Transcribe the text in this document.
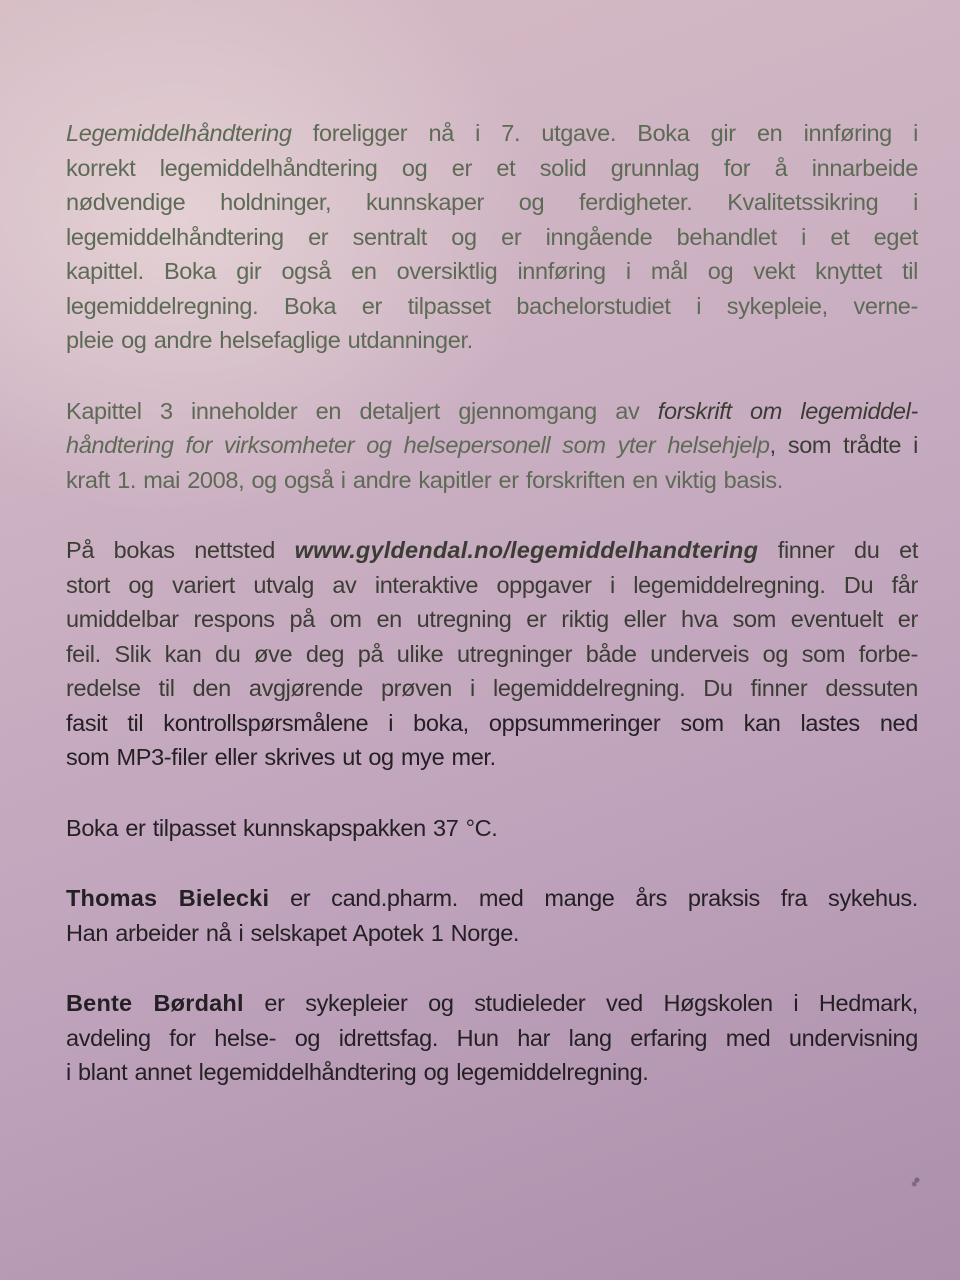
Legemiddelhåndtering foreligger nå i 7. utgave. Boka gir en innføring i
korrekt legemiddelhåndtering og er et solid grunnlag for å innarbeide
nødvendige holdninger, kunnskaper og ferdigheter. Kvalitetssikring i
legemiddelhåndtering er sentralt og er inngående behandlet i et eget
kapittel. Boka gir også en oversiktlig innføring i mål og vekt knyttet til
legemiddelregning. Boka er tilpasset bachelorstudiet i sykepleie, verne-
pleie og andre helsefaglige utdanninger.

Kapittel 3 inneholder en detaljert gjennomgang av forskrift om legemiddel-
håndtering for virksomheter og helsepersonell som yter helsehjelp, som trådte i
kraft 1. mai 2008, og også i andre kapitler er forskriften en viktig basis.

På bokas nettsted www.gyldendal.no/legemiddelhandtering finner du et
stort og variert utvalg av interaktive oppgaver i legemiddelregning. Du får
umiddelbar respons på om en utregning er riktig eller hva som eventuelt er
feil. Slik kan du øve deg på ulike utregninger både underveis og som forbe-
redelse til den avgjørende prøven i legemiddelregning. Du finner dessuten
fasit til kontrollspørsmålene i boka, oppsummeringer som kan lastes ned
som MP3-filer eller skrives ut og mye mer.

Boka er tilpasset kunnskapspakken 37 °C.

Thomas Bielecki er cand.pharm. med mange års praksis fra sykehus.
Han arbeider nå i selskapet Apotek 1 Norge.

Bente Børdahl er sykepleier og studieleder ved Høgskolen i Hedmark,
avdeling for helse- og idrettsfag. Hun har lang erfaring med undervisning
i blant annet legemiddelhåndtering og legemiddelregning.
